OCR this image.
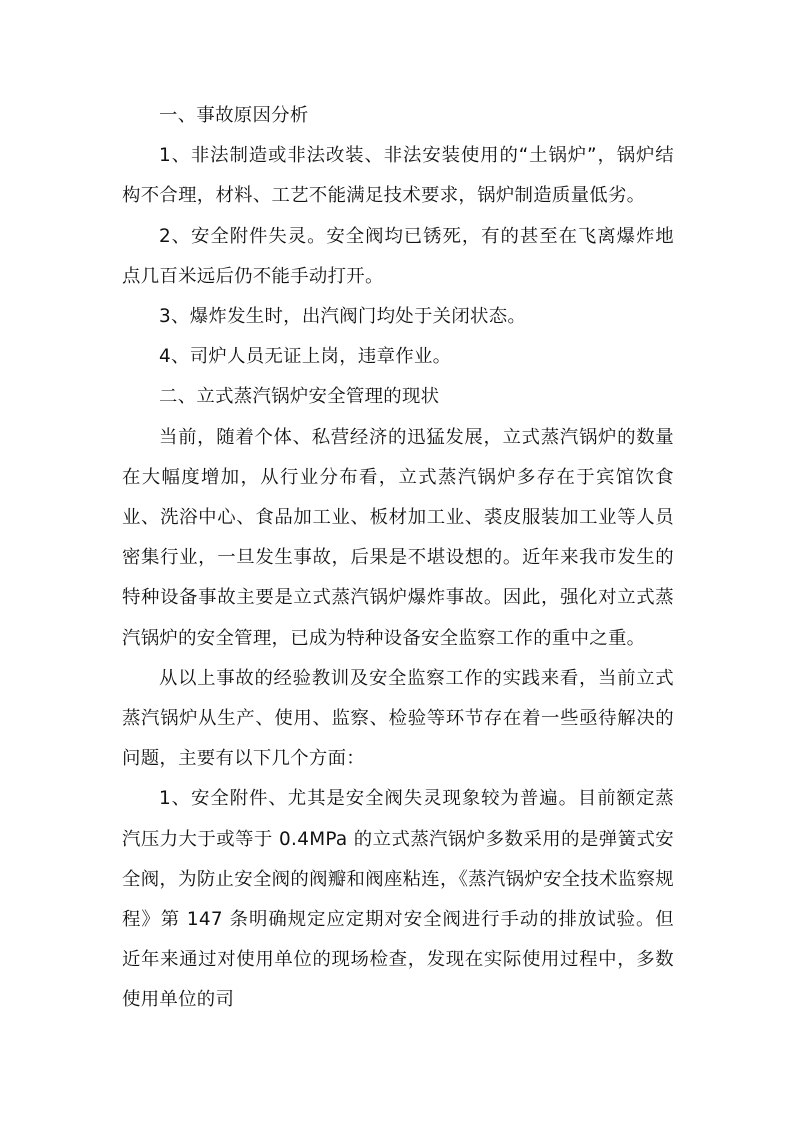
一、事故原因分析

1、非法制造或非法改装、非法安装使用的“土锅炉”，锅炉结构不合理，材料、工艺不能满足技术要求，锅炉制造质量低劣。

2、安全附件失灵。安全阀均已锈死，有的甚至在飞离爆炸地点几百米远后仍不能手动打开。

3、爆炸发生时，出汽阀门均处于关闭状态。

4、司炉人员无证上岗，违章作业。

二、立式蒸汽锅炉安全管理的现状

当前，随着个体、私营经济的迅猛发展，立式蒸汽锅炉的数量在大幅度增加，从行业分布看，立式蒸汽锅炉多存在于宾馆饮食业、洗浴中心、食品加工业、板材加工业、裘皮服装加工业等人员密集行业，一旦发生事故，后果是不堪设想的。近年来我市发生的特种设备事故主要是立式蒸汽锅炉爆炸事故。因此，强化对立式蒸汽锅炉的安全管理，已成为特种设备安全监察工作的重中之重。

从以上事故的经验教训及安全监察工作的实践来看，当前立式蒸汽锅炉从生产、使用、监察、检验等环节存在着一些亟待解决的问题，主要有以下几个方面：

1、安全附件、尤其是安全阀失灵现象较为普遍。目前额定蒸汽压力大于或等于 0.4MPa 的立式蒸汽锅炉多数采用的是弹簧式安全阀，为防止安全阀的阀瓣和阀座粘连，《蒸汽锅炉安全技术监察规程》第 147 条明确规定应定期对安全阀进行手动的排放试验。但近年来通过对使用单位的现场检查，发现在实际使用过程中，多数使用单位的司
